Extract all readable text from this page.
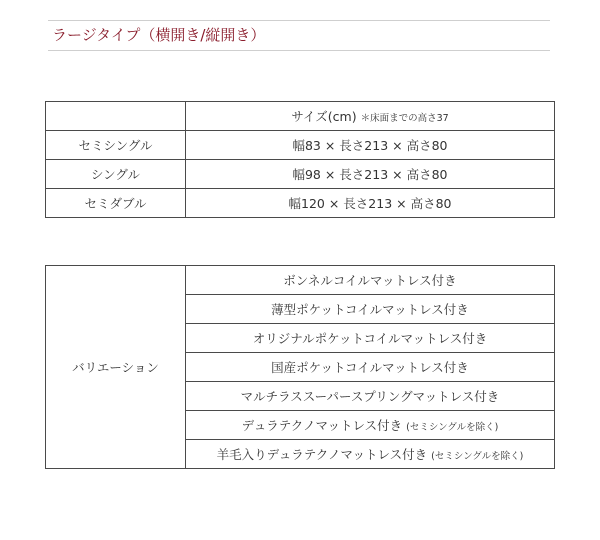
ラージタイプ（横開き/縦開き）
	サイズ(cm) ＊床面までの高さ37
セミシングル	幅83 × 長さ213 × 高さ80
シングル	幅98 × 長さ213 × 高さ80
セミダブル	幅120 × 長さ213 × 高さ80
バリエーション	ボンネルコイルマットレス付き
薄型ポケットコイルマットレス付き
オリジナルポケットコイルマットレス付き
国産ポケットコイルマットレス付き
マルチラススーパースプリングマットレス付き
デュラテクノマットレス付き (セミシングルを除く)
羊毛入りデュラテクノマットレス付き (セミシングルを除く)
